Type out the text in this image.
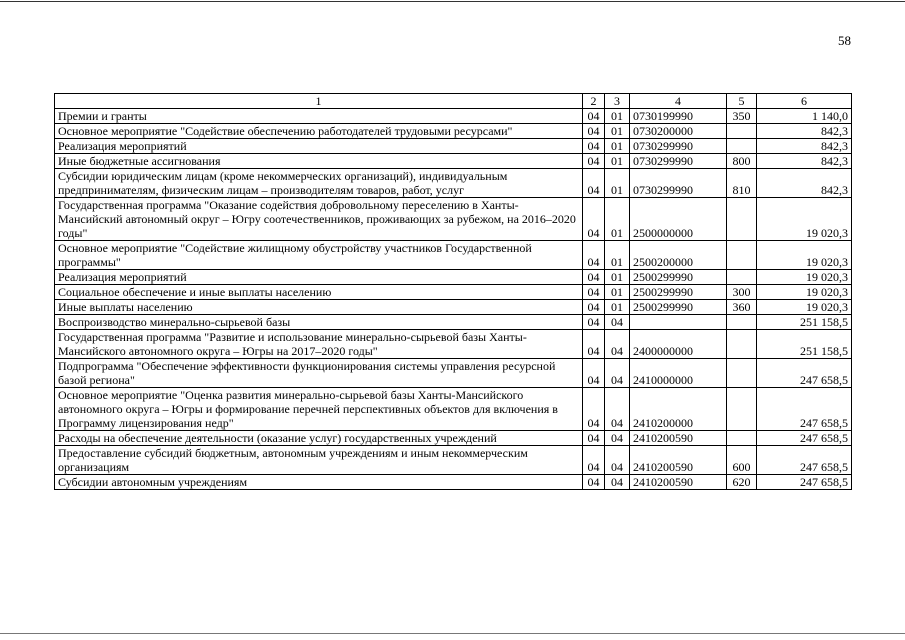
58
1	2	3	4	5	6
Премии и гранты	04	01	0730199990	350	1 140,0
Основное мероприятие "Содействие обеспечению работодателей трудовыми ресурсами"	04	01	0730200000		842,3
Реализация мероприятий	04	01	0730299990		842,3
Иные бюджетные ассигнования	04	01	0730299990	800	842,3
Субсидии юридическим лицам (кроме некоммерческих организаций), индивидуальным предпринимателям, физическим лицам – производителям товаров, работ, услуг	04	01	0730299990	810	842,3
Государственная программа "Оказание содействия добровольному переселению в Ханты-Мансийский автономный округ – Югру соотечественников, проживающих за рубежом, на 2016–2020 годы"	04	01	2500000000		19 020,3
Основное мероприятие "Содействие жилищному обустройству участников Государственной программы"	04	01	2500200000		19 020,3
Реализация мероприятий	04	01	2500299990		19 020,3
Социальное обеспечение и иные выплаты населению	04	01	2500299990	300	19 020,3
Иные выплаты населению	04	01	2500299990	360	19 020,3
Воспроизводство минерально-сырьевой базы	04	04			251 158,5
Государственная программа "Развитие и использование минерально-сырьевой базы Ханты-Мансийского автономного округа – Югры на 2017–2020 годы"	04	04	2400000000		251 158,5
Подпрограмма "Обеспечение эффективности функционирования системы управления ресурсной базой региона"	04	04	2410000000		247 658,5
Основное мероприятие "Оценка развития минерально-сырьевой базы Ханты-Мансийского автономного округа – Югры и формирование перечней перспективных объектов для включения в Программу лицензирования недр"	04	04	2410200000		247 658,5
Расходы на обеспечение деятельности (оказание услуг) государственных учреждений	04	04	2410200590		247 658,5
Предоставление субсидий бюджетным, автономным учреждениям и иным некоммерческим организациям	04	04	2410200590	600	247 658,5
Субсидии автономным учреждениям	04	04	2410200590	620	247 658,5
